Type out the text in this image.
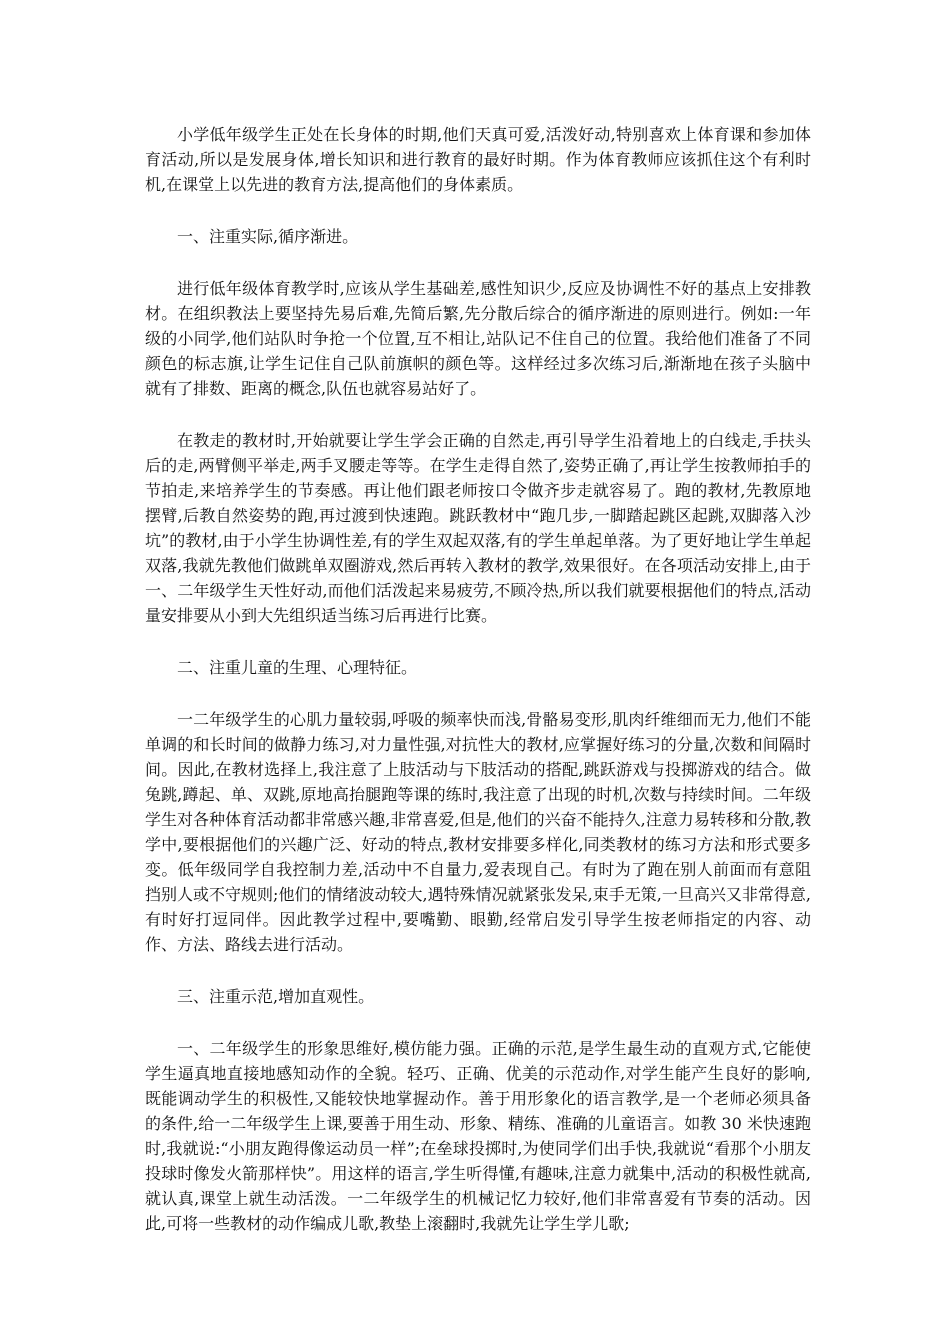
小学低年级学生正处在长身体的时期,他们天真可爱,活泼好动,特别喜欢上体育课和参加体育活动,所以是发展身体,增长知识和进行教育的最好时期。作为体育教师应该抓住这个有利时机,在课堂上以先进的教育方法,提高他们的身体素质。

一、注重实际,循序渐进。

进行低年级体育教学时,应该从学生基础差,感性知识少,反应及协调性不好的基点上安排教材。在组织教法上要坚持先易后难,先简后繁,先分散后综合的循序渐进的原则进行。例如:一年级的小同学,他们站队时争抢一个位置,互不相让,站队记不住自己的位置。我给他们准备了不同颜色的标志旗,让学生记住自己队前旗帜的颜色等。这样经过多次练习后,渐渐地在孩子头脑中就有了排数、距离的概念,队伍也就容易站好了。

在教走的教材时,开始就要让学生学会正确的自然走,再引导学生沿着地上的白线走,手扶头后的走,两臂侧平举走,两手叉腰走等等。在学生走得自然了,姿势正确了,再让学生按教师拍手的节拍走,来培养学生的节奏感。再让他们跟老师按口令做齐步走就容易了。跑的教材,先教原地摆臂,后教自然姿势的跑,再过渡到快速跑。跳跃教材中“跑几步,一脚踏起跳区起跳,双脚落入沙坑”的教材,由于小学生协调性差,有的学生双起双落,有的学生单起单落。为了更好地让学生单起双落,我就先教他们做跳单双圈游戏,然后再转入教材的教学,效果很好。在各项活动安排上,由于一、二年级学生天性好动,而他们活泼起来易疲劳,不顾冷热,所以我们就要根据他们的特点,活动量安排要从小到大先组织适当练习后再进行比赛。

二、注重儿童的生理、心理特征。

一二年级学生的心肌力量较弱,呼吸的频率快而浅,骨骼易变形,肌肉纤维细而无力,他们不能单调的和长时间的做静力练习,对力量性强,对抗性大的教材,应掌握好练习的分量,次数和间隔时间。因此,在教材选择上,我注意了上肢活动与下肢活动的搭配,跳跃游戏与投掷游戏的结合。做兔跳,蹲起、单、双跳,原地高抬腿跑等课的练时,我注意了出现的时机,次数与持续时间。二年级学生对各种体育活动都非常感兴趣,非常喜爱,但是,他们的兴奋不能持久,注意力易转移和分散,教学中,要根据他们的兴趣广泛、好动的特点,教材安排要多样化,同类教材的练习方法和形式要多变。低年级同学自我控制力差,活动中不自量力,爱表现自己。有时为了跑在别人前面而有意阻挡别人或不守规则;他们的情绪波动较大,遇特殊情况就紧张发呆,束手无策,一旦高兴又非常得意,有时好打逗同伴。因此教学过程中,要嘴勤、眼勤,经常启发引导学生按老师指定的内容、动作、方法、路线去进行活动。

三、注重示范,增加直观性。

一、二年级学生的形象思维好,模仿能力强。正确的示范,是学生最生动的直观方式,它能使学生逼真地直接地感知动作的全貌。轻巧、正确、优美的示范动作,对学生能产生良好的影响,既能调动学生的积极性,又能较快地掌握动作。善于用形象化的语言教学,是一个老师必须具备的条件,给一二年级学生上课,要善于用生动、形象、精练、准确的儿童语言。如教 30 米快速跑时,我就说:“小朋友跑得像运动员一样”;在垒球投掷时,为使同学们出手快,我就说“看那个小朋友投球时像发火箭那样快”。用这样的语言,学生听得懂,有趣味,注意力就集中,活动的积极性就高,就认真,课堂上就生动活泼。一二年级学生的机械记忆力较好,他们非常喜爱有节奏的活动。因此,可将一些教材的动作编成儿歌,教垫上滚翻时,我就先让学生学儿歌;
